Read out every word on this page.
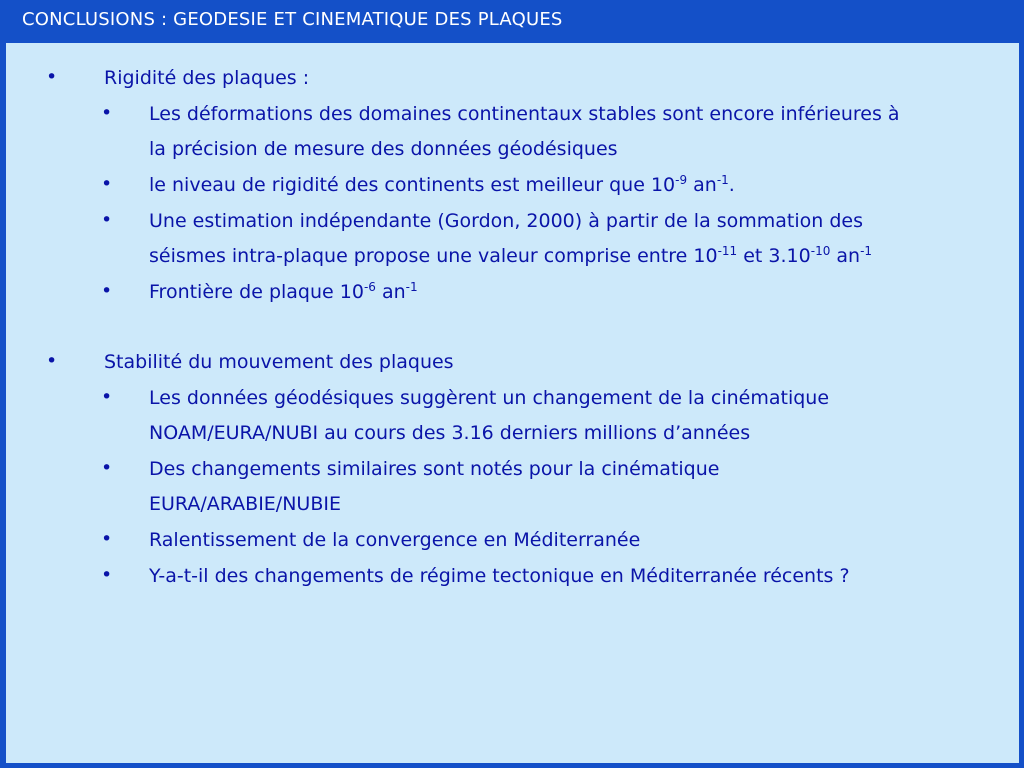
CONCLUSIONS : GEODESIE ET CINEMATIQUE DES PLAQUES
• Rigidité des plaques :
• Les déformations des domaines continentaux stables sont encore inférieures à
la précision de mesure des données géodésiques
• le niveau de rigidité des continents est meilleur que $10^{-9}$ $an^{-1}$.
• Une estimation indépendante (Gordon, 2000) à partir de la sommation des
séismes intra-plaque propose une valeur comprise entre $10^{-11}$ et $3.10^{-10}$ $an^{-1}$
• Frontière de plaque $10^{-6}$ $an^{-1}$
• Stabilité du mouvement des plaques
• Les données géodésiques suggèrent un changement de la cinématique
NOAM/EURA/NUBI au cours des 3.16 derniers millions d’années
• Des changements similaires sont notés pour la cinématique
EURA/ARABIE/NUBIE
• Ralentissement de la convergence en Méditerranée
• Y-a-t-il des changements de régime tectonique en Méditerranée récents ?
